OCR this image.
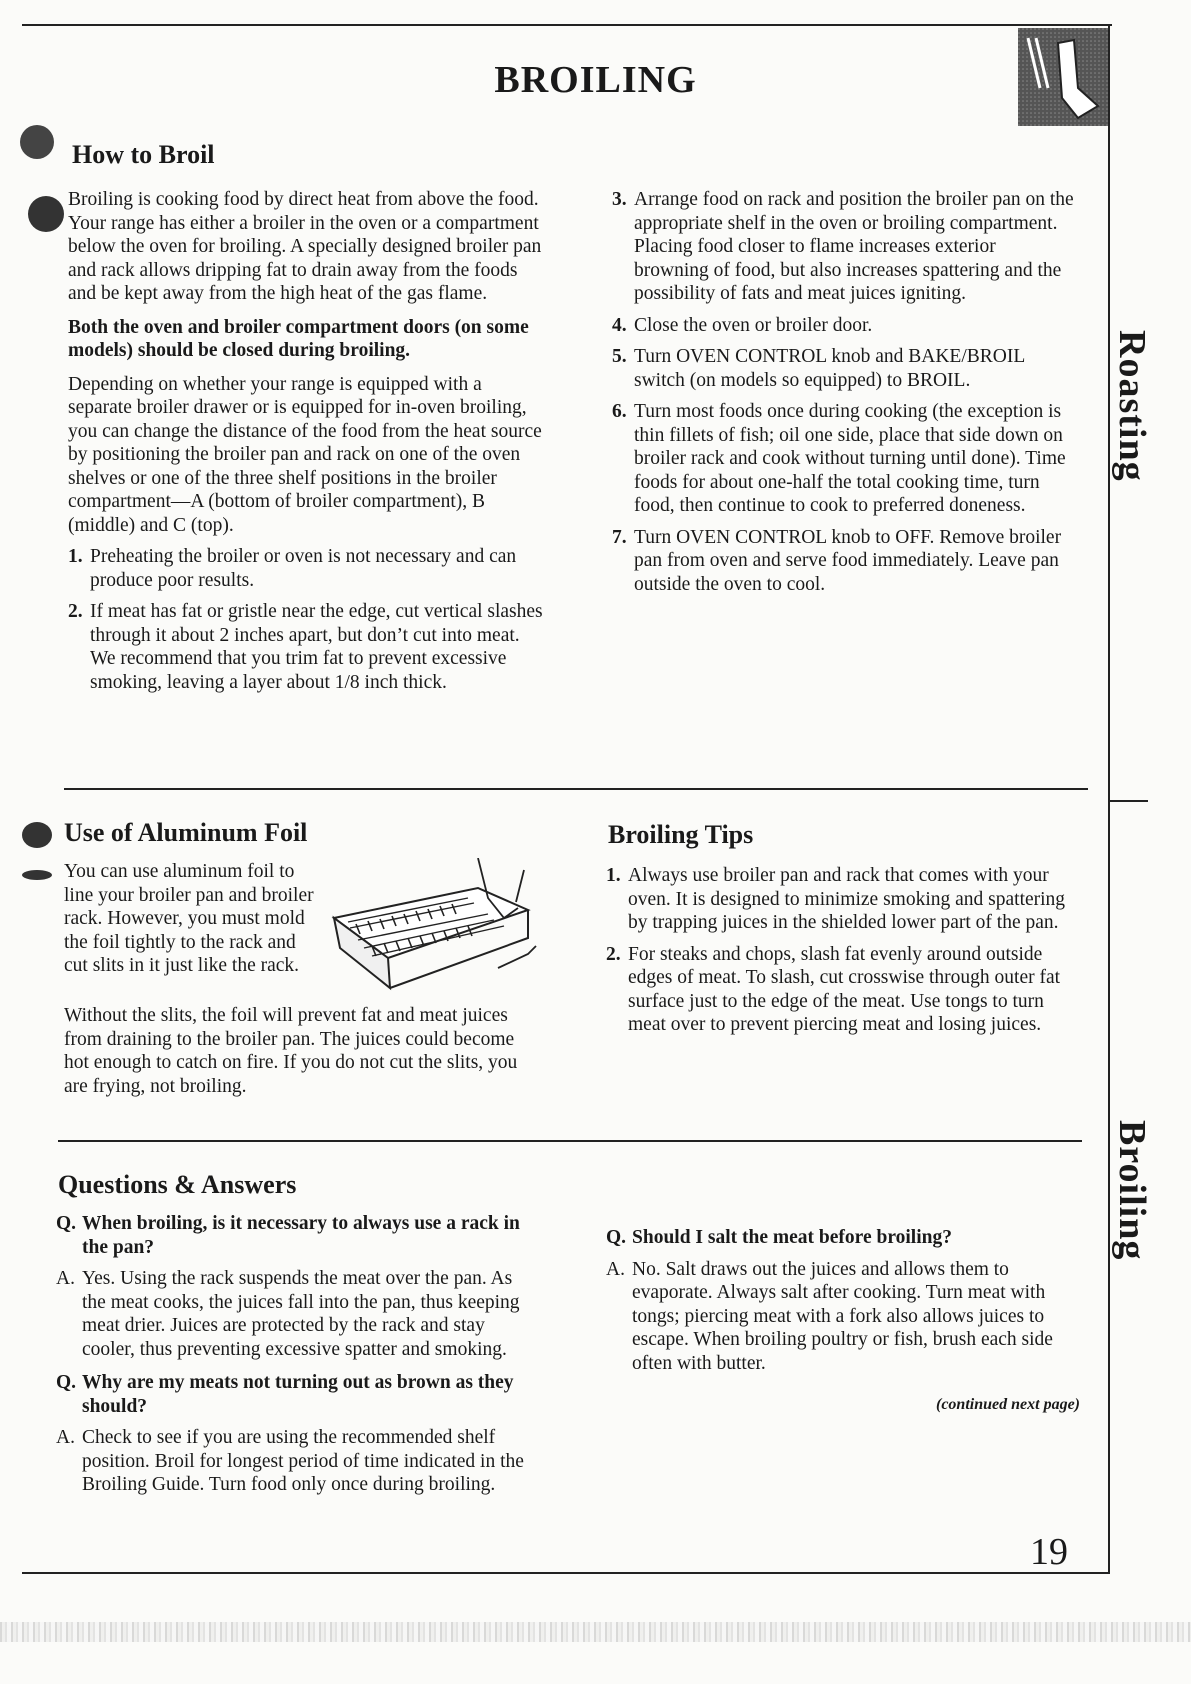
BROILING
Roasting
Broiling
How to Broil
Broiling is cooking food by direct heat from above the food. Your range has either a broiler in the oven or a compartment below the oven for broiling. A specially designed broiler pan and rack allows dripping fat to drain away from the foods and be kept away from the high heat of the gas flame.
Both the oven and broiler compartment doors (on some models) should be closed during broiling.
Depending on whether your range is equipped with a separate broiler drawer or is equipped for in-oven broiling, you can change the distance of the food from the heat source by positioning the broiler pan and rack on one of the oven shelves or one of the three shelf positions in the broiler compartment—A (bottom of broiler compartment), B (middle) and C (top).
1. Preheating the broiler or oven is not necessary and can produce poor results.
2. If meat has fat or gristle near the edge, cut vertical slashes through it about 2 inches apart, but don’t cut into meat. We recommend that you trim fat to prevent excessive smoking, leaving a layer about 1/8 inch thick.
3. Arrange food on rack and position the broiler pan on the appropriate shelf in the oven or broiling compartment. Placing food closer to flame increases exterior browning of food, but also increases spattering and the possibility of fats and meat juices igniting.
4. Close the oven or broiler door.
5. Turn OVEN CONTROL knob and BAKE/BROIL switch (on models so equipped) to BROIL.
6. Turn most foods once during cooking (the exception is thin fillets of fish; oil one side, place that side down on broiler rack and cook without turning until done). Time foods for about one-half the total cooking time, turn food, then continue to cook to preferred doneness.
7. Turn OVEN CONTROL knob to OFF. Remove broiler pan from oven and serve food immediately. Leave pan outside the oven to cool.
Use of Aluminum Foil
You can use aluminum foil to line your broiler pan and broiler rack. However, you must mold the foil tightly to the rack and cut slits in it just like the rack.
Without the slits, the foil will prevent fat and meat juices from draining to the broiler pan. The juices could become hot enough to catch on fire. If you do not cut the slits, you are frying, not broiling.
Broiling Tips
1. Always use broiler pan and rack that comes with your oven. It is designed to minimize smoking and spattering by trapping juices in the shielded lower part of the pan.
2. For steaks and chops, slash fat evenly around outside edges of meat. To slash, cut crosswise through outer fat surface just to the edge of the meat. Use tongs to turn meat over to prevent piercing meat and losing juices.
Questions & Answers
Q. When broiling, is it necessary to always use a rack in the pan?
A. Yes. Using the rack suspends the meat over the pan. As the meat cooks, the juices fall into the pan, thus keeping meat drier. Juices are protected by the rack and stay cooler, thus preventing excessive spatter and smoking.
Q. Why are my meats not turning out as brown as they should?
A. Check to see if you are using the recommended shelf position. Broil for longest period of time indicated in the Broiling Guide. Turn food only once during broiling.
Q. Should I salt the meat before broiling?
A. No. Salt draws out the juices and allows them to evaporate. Always salt after cooking. Turn meat with tongs; piercing meat with a fork also allows juices to escape. When broiling poultry or fish, brush each side often with butter.
(continued next page)
19
